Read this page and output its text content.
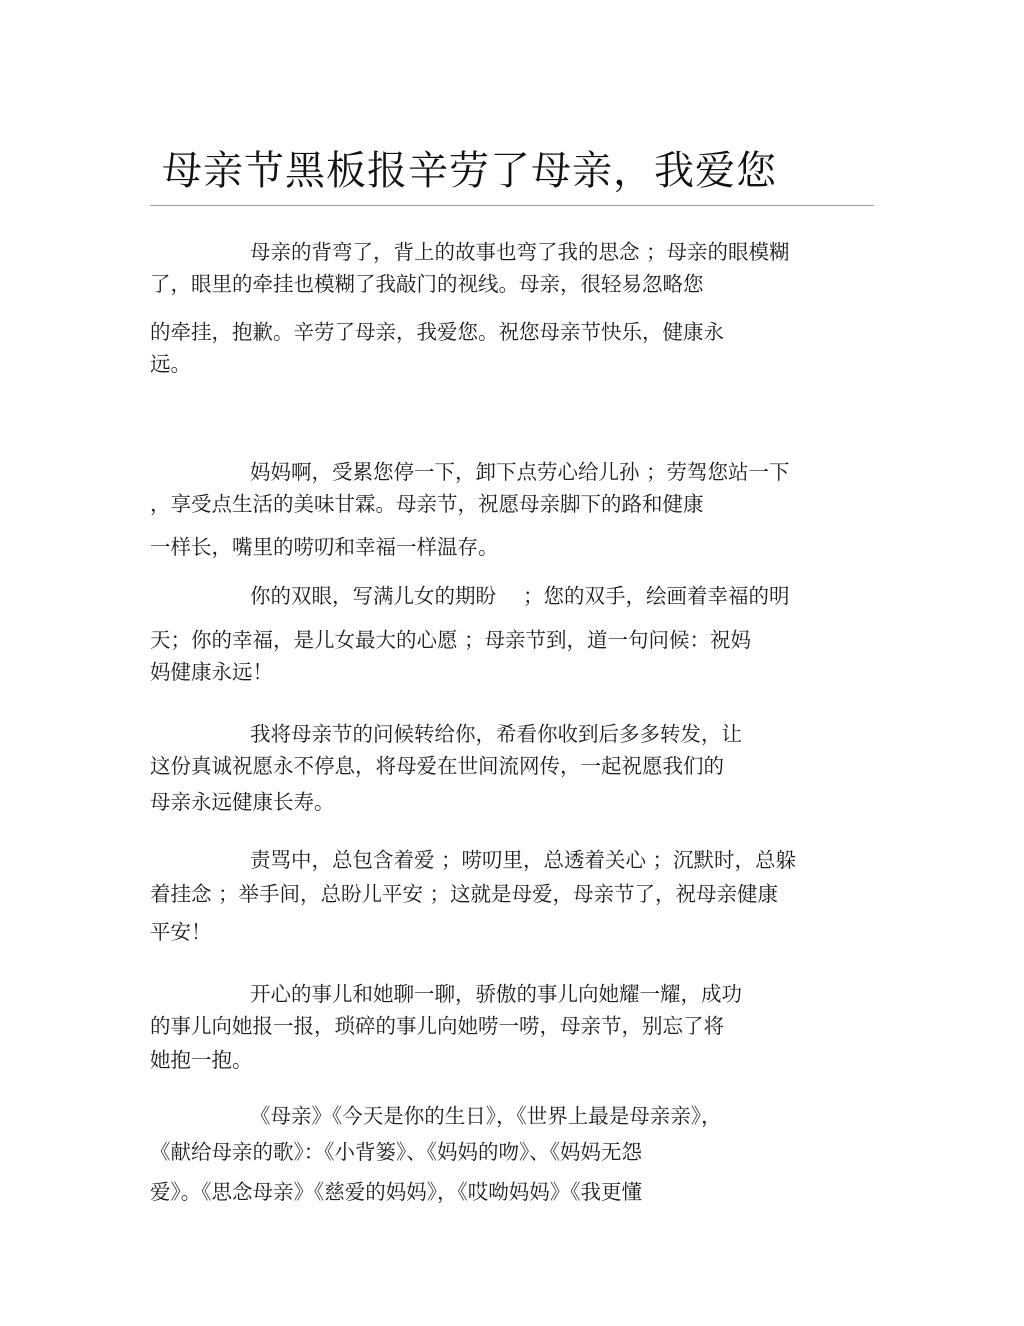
母亲节黑板报辛劳了母亲，我爱您
母亲的背弯了，背上的故事也弯了我的思念 ；母亲的眼模糊
了，眼里的牵挂也模糊了我敲门的视线。母亲，很轻易忽略您
的牵挂，抱歉。辛劳了母亲，我爱您。祝您母亲节快乐，健康永
远。
妈妈啊，受累您停一下，卸下点劳心给儿孙 ；劳驾您站一下
，享受点生活的美味甘霖。母亲节，祝愿母亲脚下的路和健康
一样长，嘴里的唠叨和幸福一样温存。
你的双眼，写满儿女的期盼　 ；您的双手，绘画着幸福的明
天；你的幸福，是儿女最大的心愿 ；母亲节到，道一句问候：祝妈
妈健康永远！
我将母亲节的问候转给你，希看你收到后多多转发，让
这份真诚祝愿永不停息，将母爱在世间流网传，一起祝愿我们的
母亲永远健康长寿。
责骂中，总包含着爱 ；唠叨里，总透着关心 ；沉默时，总躲
着挂念 ；举手间，总盼儿平安 ；这就是母爱，母亲节了，祝母亲健康
平安！
开心的事儿和她聊一聊，骄傲的事儿向她耀一耀，成功
的事儿向她报一报，琐碎的事儿向她唠一唠，母亲节，别忘了将
她抱一抱。
《母亲》《今天是你的生日》，《世界上最是母亲亲》，
《献给母亲的歌》：《小背篓》、《妈妈的吻》、《妈妈无怨
爱》。《思念母亲》《慈爱的妈妈》，《哎呦妈妈》《我更懂
